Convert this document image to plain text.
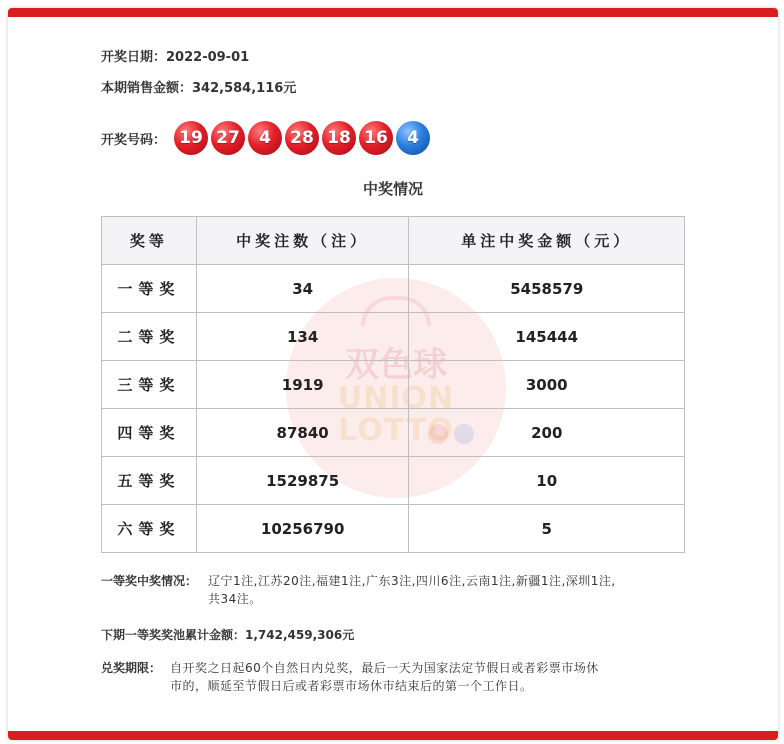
开奖日期：2022-09-01
本期销售金额：342,584,116元
开奖号码： 19 27	4	28 18 16	4
中奖情况
双色球
UNION
LOTTO
奖等	中奖注数（注）	单注中奖金额（元）
一等奖	34	5458579
二等奖	134	145444
三等奖	1919	3000
四等奖	87840	200
五等奖	1529875	10
六等奖	10256790	5
一等奖中奖情况： 辽宁1注,江苏20注,福建1注,广东3注,四川6注,云南1注,新疆1注,深圳1注,
共34注。
下期一等奖奖池累计金额：1,742,459,306元
兑奖期限： 自开奖之日起60个自然日内兑奖，最后一天为国家法定节假日或者彩票市场休
市的，顺延至节假日后或者彩票市场休市结束后的第一个工作日。
